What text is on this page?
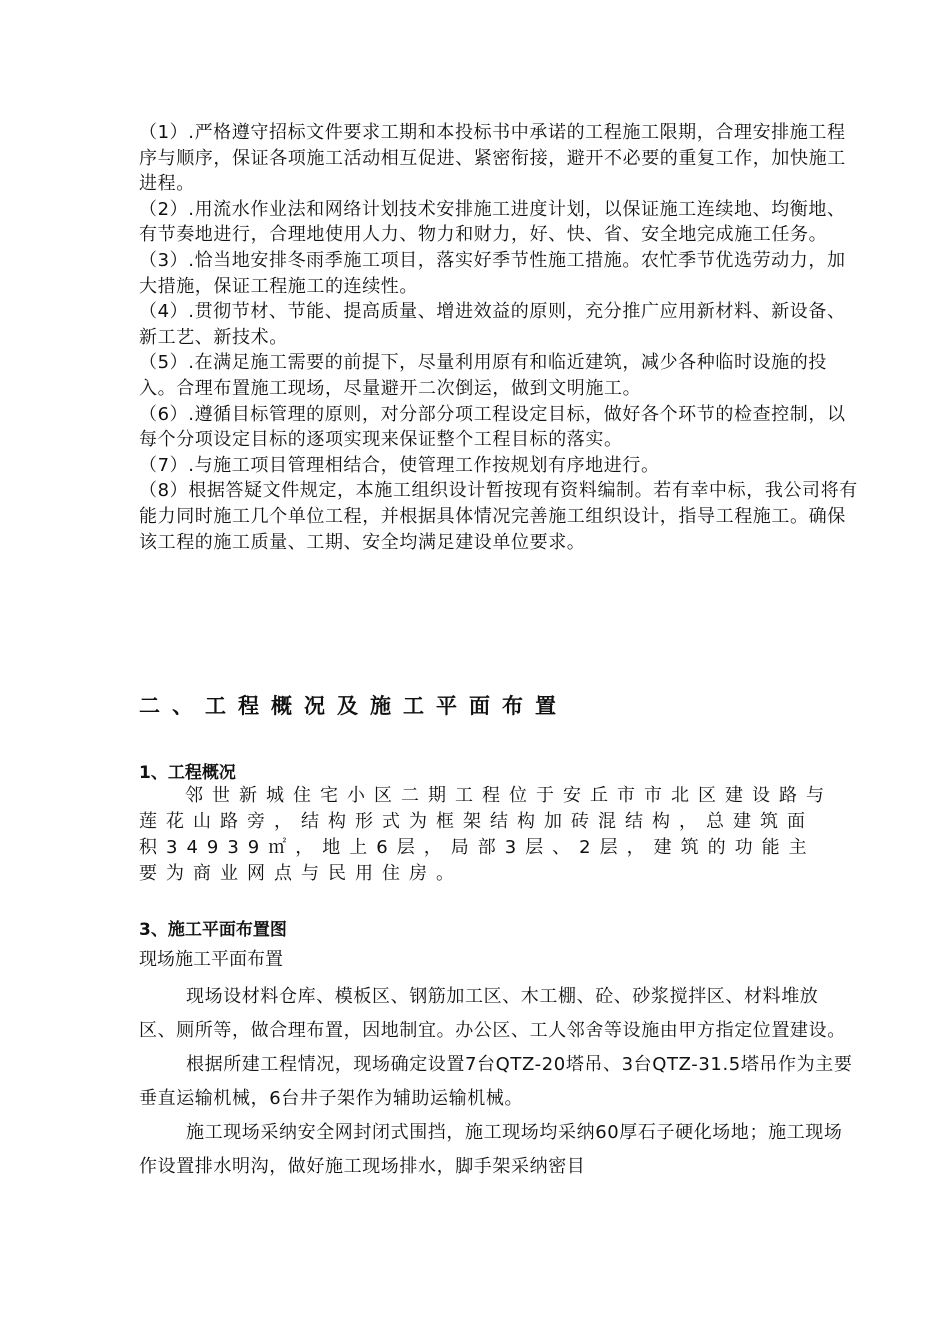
（1）.严格遵守招标文件要求工期和本投标书中承诺的工程施工限期，合理安排施工程序与顺序，保证各项施工活动相互促进、紧密衔接，避开不必要的重复工作，加快施工进程。

（2）.用流水作业法和网络计划技术安排施工进度计划，以保证施工连续地、均衡地、有节奏地进行，合理地使用人力、物力和财力，好、快、省、安全地完成施工任务。

（3）.恰当地安排冬雨季施工项目，落实好季节性施工措施。农忙季节优选劳动力，加大措施，保证工程施工的连续性。

（4）.贯彻节材、节能、提高质量、增进效益的原则，充分推广应用新材料、新设备、新工艺、新技术。

（5）.在满足施工需要的前提下，尽量利用原有和临近建筑，减少各种临时设施的投入。合理布置施工现场，尽量避开二次倒运，做到文明施工。

（6）.遵循目标管理的原则，对分部分项工程设定目标，做好各个环节的检查控制，以每个分项设定目标的逐项实现来保证整个工程目标的落实。

（7）.与施工项目管理相结合，使管理工作按规划有序地进行。

（8）根据答疑文件规定，本施工组织设计暂按现有资料编制。若有幸中标，我公司将有能力同时施工几个单位工程，并根据具体情况完善施工组织设计，指导工程施工。确保该工程的施工质量、工期、安全均满足建设单位要求。

二、工程概况及施工平面布置
1、工程概况

邻世新城住宅小区二期工程位于安丘市市北区建设路与莲花山路旁，结构形式为框架结构加砖混结构，总建筑面积34939㎡，地上6层，局部3层、2层，建筑的功能主要为商业网点与民用住房。

3、施工平面布置图

现场施工平面布置

现场设材料仓库、模板区、钢筋加工区、木工棚、砼、砂浆搅拌区、材料堆放区、厕所等，做合理布置，因地制宜。办公区、工人邻舍等设施由甲方指定位置建设。

根据所建工程情况，现场确定设置7台QTZ-20塔吊、3台QTZ-31.5塔吊作为主要垂直运输机械，6台井子架作为辅助运输机械。

施工现场采纳安全网封闭式围挡，施工现场均采纳60厚石子硬化场地；施工现场作设置排水明沟，做好施工现场排水，脚手架采纳密目
